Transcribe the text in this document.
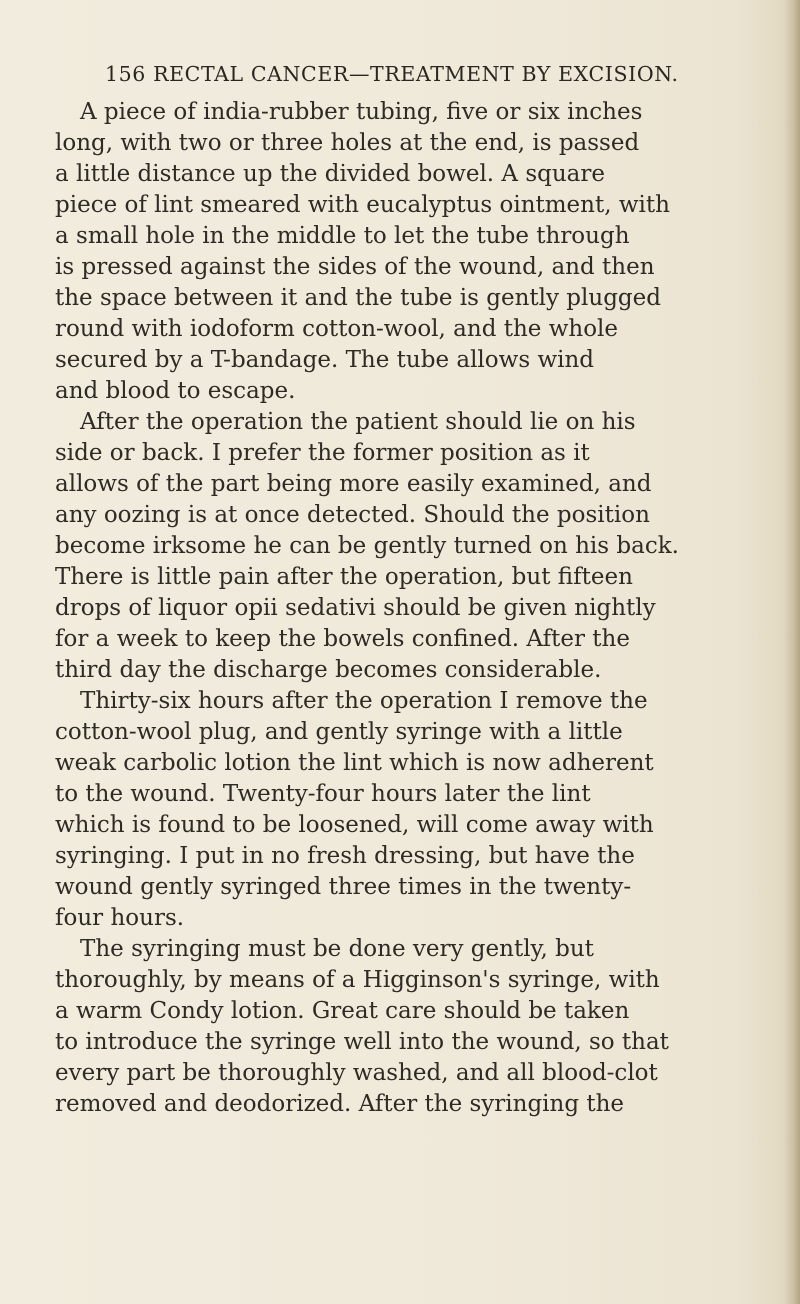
156 RECTAL CANCER—TREATMENT BY EXCISION.
A piece of india-rubber tubing, five or six inches
long, with two or three holes at the end, is passed
a little distance up the divided bowel. A square
piece of lint smeared with eucalyptus ointment, with
a small hole in the middle to let the tube through
is pressed against the sides of the wound, and then
the space between it and the tube is gently plugged
round with iodoform cotton-wool, and the whole
secured by a T-bandage. The tube allows wind
and blood to escape.
After the operation the patient should lie on his
side or back. I prefer the former position as it
allows of the part being more easily examined, and
any oozing is at once detected. Should the position
become irksome he can be gently turned on his back.
There is little pain after the operation, but fifteen
drops of liquor opii sedativi should be given nightly
for a week to keep the bowels confined. After the
third day the discharge becomes considerable.
Thirty-six hours after the operation I remove the
cotton-wool plug, and gently syringe with a little
weak carbolic lotion the lint which is now adherent
to the wound. Twenty-four hours later the lint
which is found to be loosened, will come away with
syringing. I put in no fresh dressing, but have the
wound gently syringed three times in the twenty-
four hours.
The syringing must be done very gently, but
thoroughly, by means of a Higginson's syringe, with
a warm Condy lotion. Great care should be taken
to introduce the syringe well into the wound, so that
every part be thoroughly washed, and all blood-clot
removed and deodorized. After the syringing the
